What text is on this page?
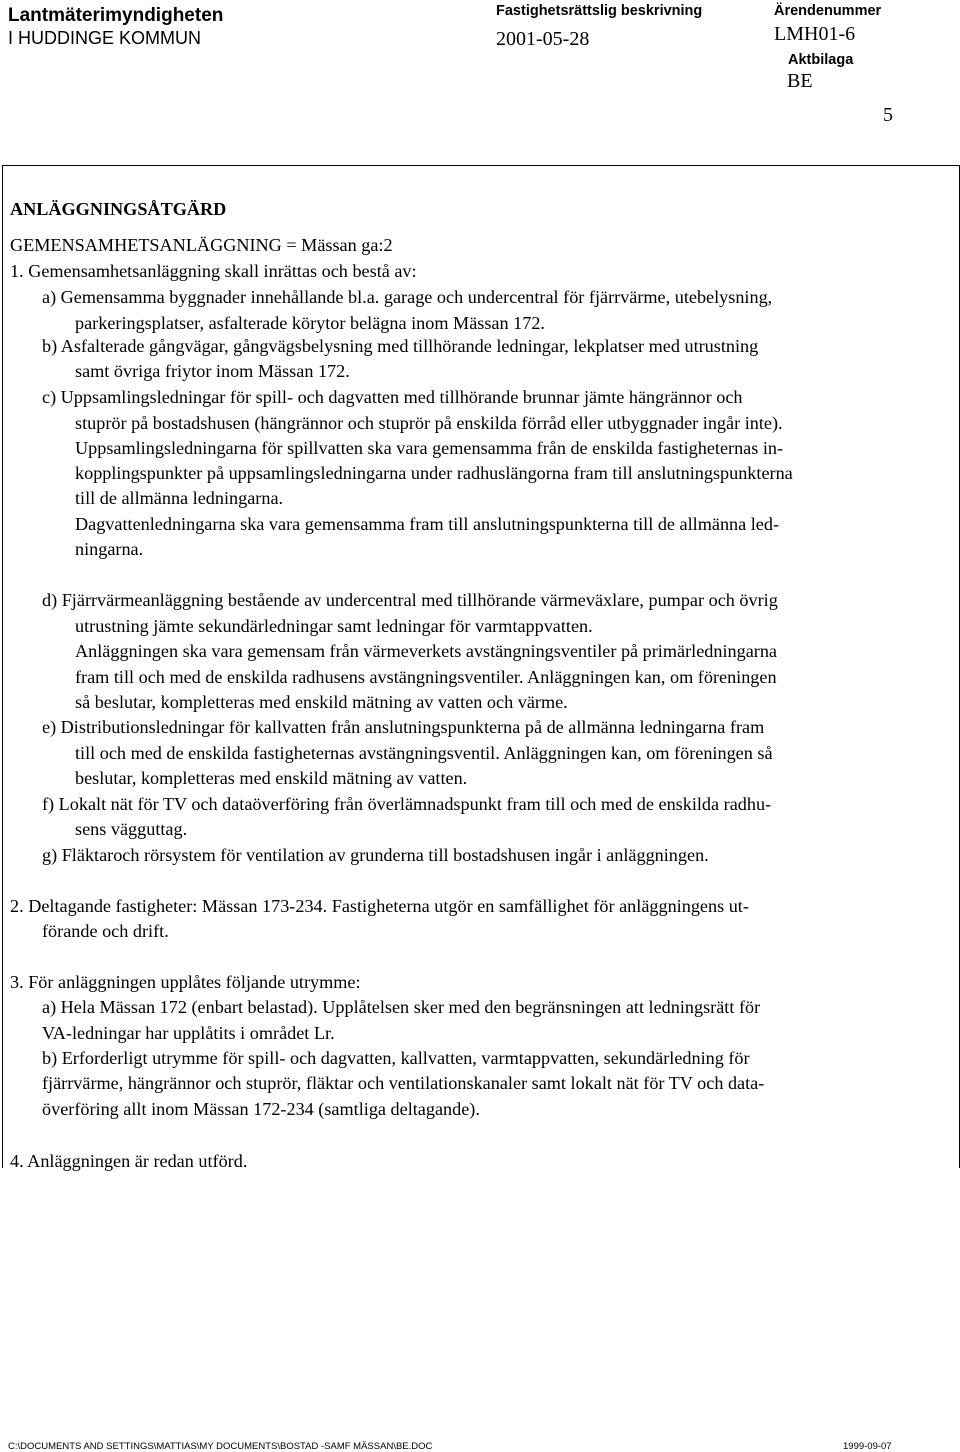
Lantmäterimyndigheten
I HUDDINGE KOMMUN
Fastighetsrättslig beskrivning
2001-05-28
Ärendenummer
LMH01-6
Aktbilaga
BE
5
ANLÄGGNINGSÅTGÄRD
GEMENSAMHETSANLÄGGNING = Mässan ga:2
1. Gemensamhetsanläggning skall inrättas och bestå av:
a) Gemensamma byggnader innehållande bl.a. garage och undercentral för fjärrvärme, utebelysning,
parkeringsplatser, asfalterade körytor belägna inom Mässan 172.
b) Asfalterade gångvägar, gångvägsbelysning med tillhörande ledningar, lekplatser med utrustning
samt övriga friytor inom Mässan 172.
c) Uppsamlingsledningar för spill- och dagvatten med tillhörande brunnar jämte hängrännor och
stuprör på bostadshusen (hängrännor och stuprör på enskilda förråd eller utbyggnader ingår inte).
Uppsamlingsledningarna för spillvatten ska vara gemensamma från de enskilda fastigheternas in-
kopplingspunkter på uppsamlingsledningarna under radhuslängorna fram till anslutningspunkterna
till de allmänna ledningarna.
Dagvattenledningarna ska vara gemensamma fram till anslutningspunkterna till de allmänna led-
ningarna.
d) Fjärrvärmeanläggning bestående av undercentral med tillhörande värmeväxlare, pumpar och övrig
utrustning jämte sekundärledningar samt ledningar för varmtappvatten.
Anläggningen ska vara gemensam från värmeverkets avstängningsventiler på primärledningarna
fram till och med de enskilda radhusens avstängningsventiler. Anläggningen kan, om föreningen
så beslutar, kompletteras med enskild mätning av vatten och värme.
e) Distributionsledningar för kallvatten från anslutningspunkterna på de allmänna ledningarna fram
till och med de enskilda fastigheternas avstängningsventil. Anläggningen kan, om föreningen så
beslutar, kompletteras med enskild mätning av vatten.
f) Lokalt nät för TV och dataöverföring från överlämnadspunkt fram till och med de enskilda radhu-
sens vägguttag.
g) Fläktaroch rörsystem för ventilation av grunderna till bostadshusen ingår i anläggningen.
2. Deltagande fastigheter: Mässan 173-234. Fastigheterna utgör en samfällighet för anläggningens ut-
förande och drift.
3. För anläggningen upplåtes följande utrymme:
a) Hela Mässan 172 (enbart belastad). Upplåtelsen sker med den begränsningen att ledningsrätt för
VA-ledningar har upplåtits i området Lr.
b) Erforderligt utrymme för spill- och dagvatten, kallvatten, varmtappvatten, sekundärledning för
fjärrvärme, hängrännor och stuprör, fläktar och ventilationskanaler samt lokalt nät för TV och data-
överföring allt inom Mässan 172-234 (samtliga deltagande).
4. Anläggningen är redan utförd.
C:\DOCUMENTS AND SETTINGS\MATTIAS\MY DOCUMENTS\BOSTAD -SAMF MÄSSAN\BE.DOC	1999-09-07
